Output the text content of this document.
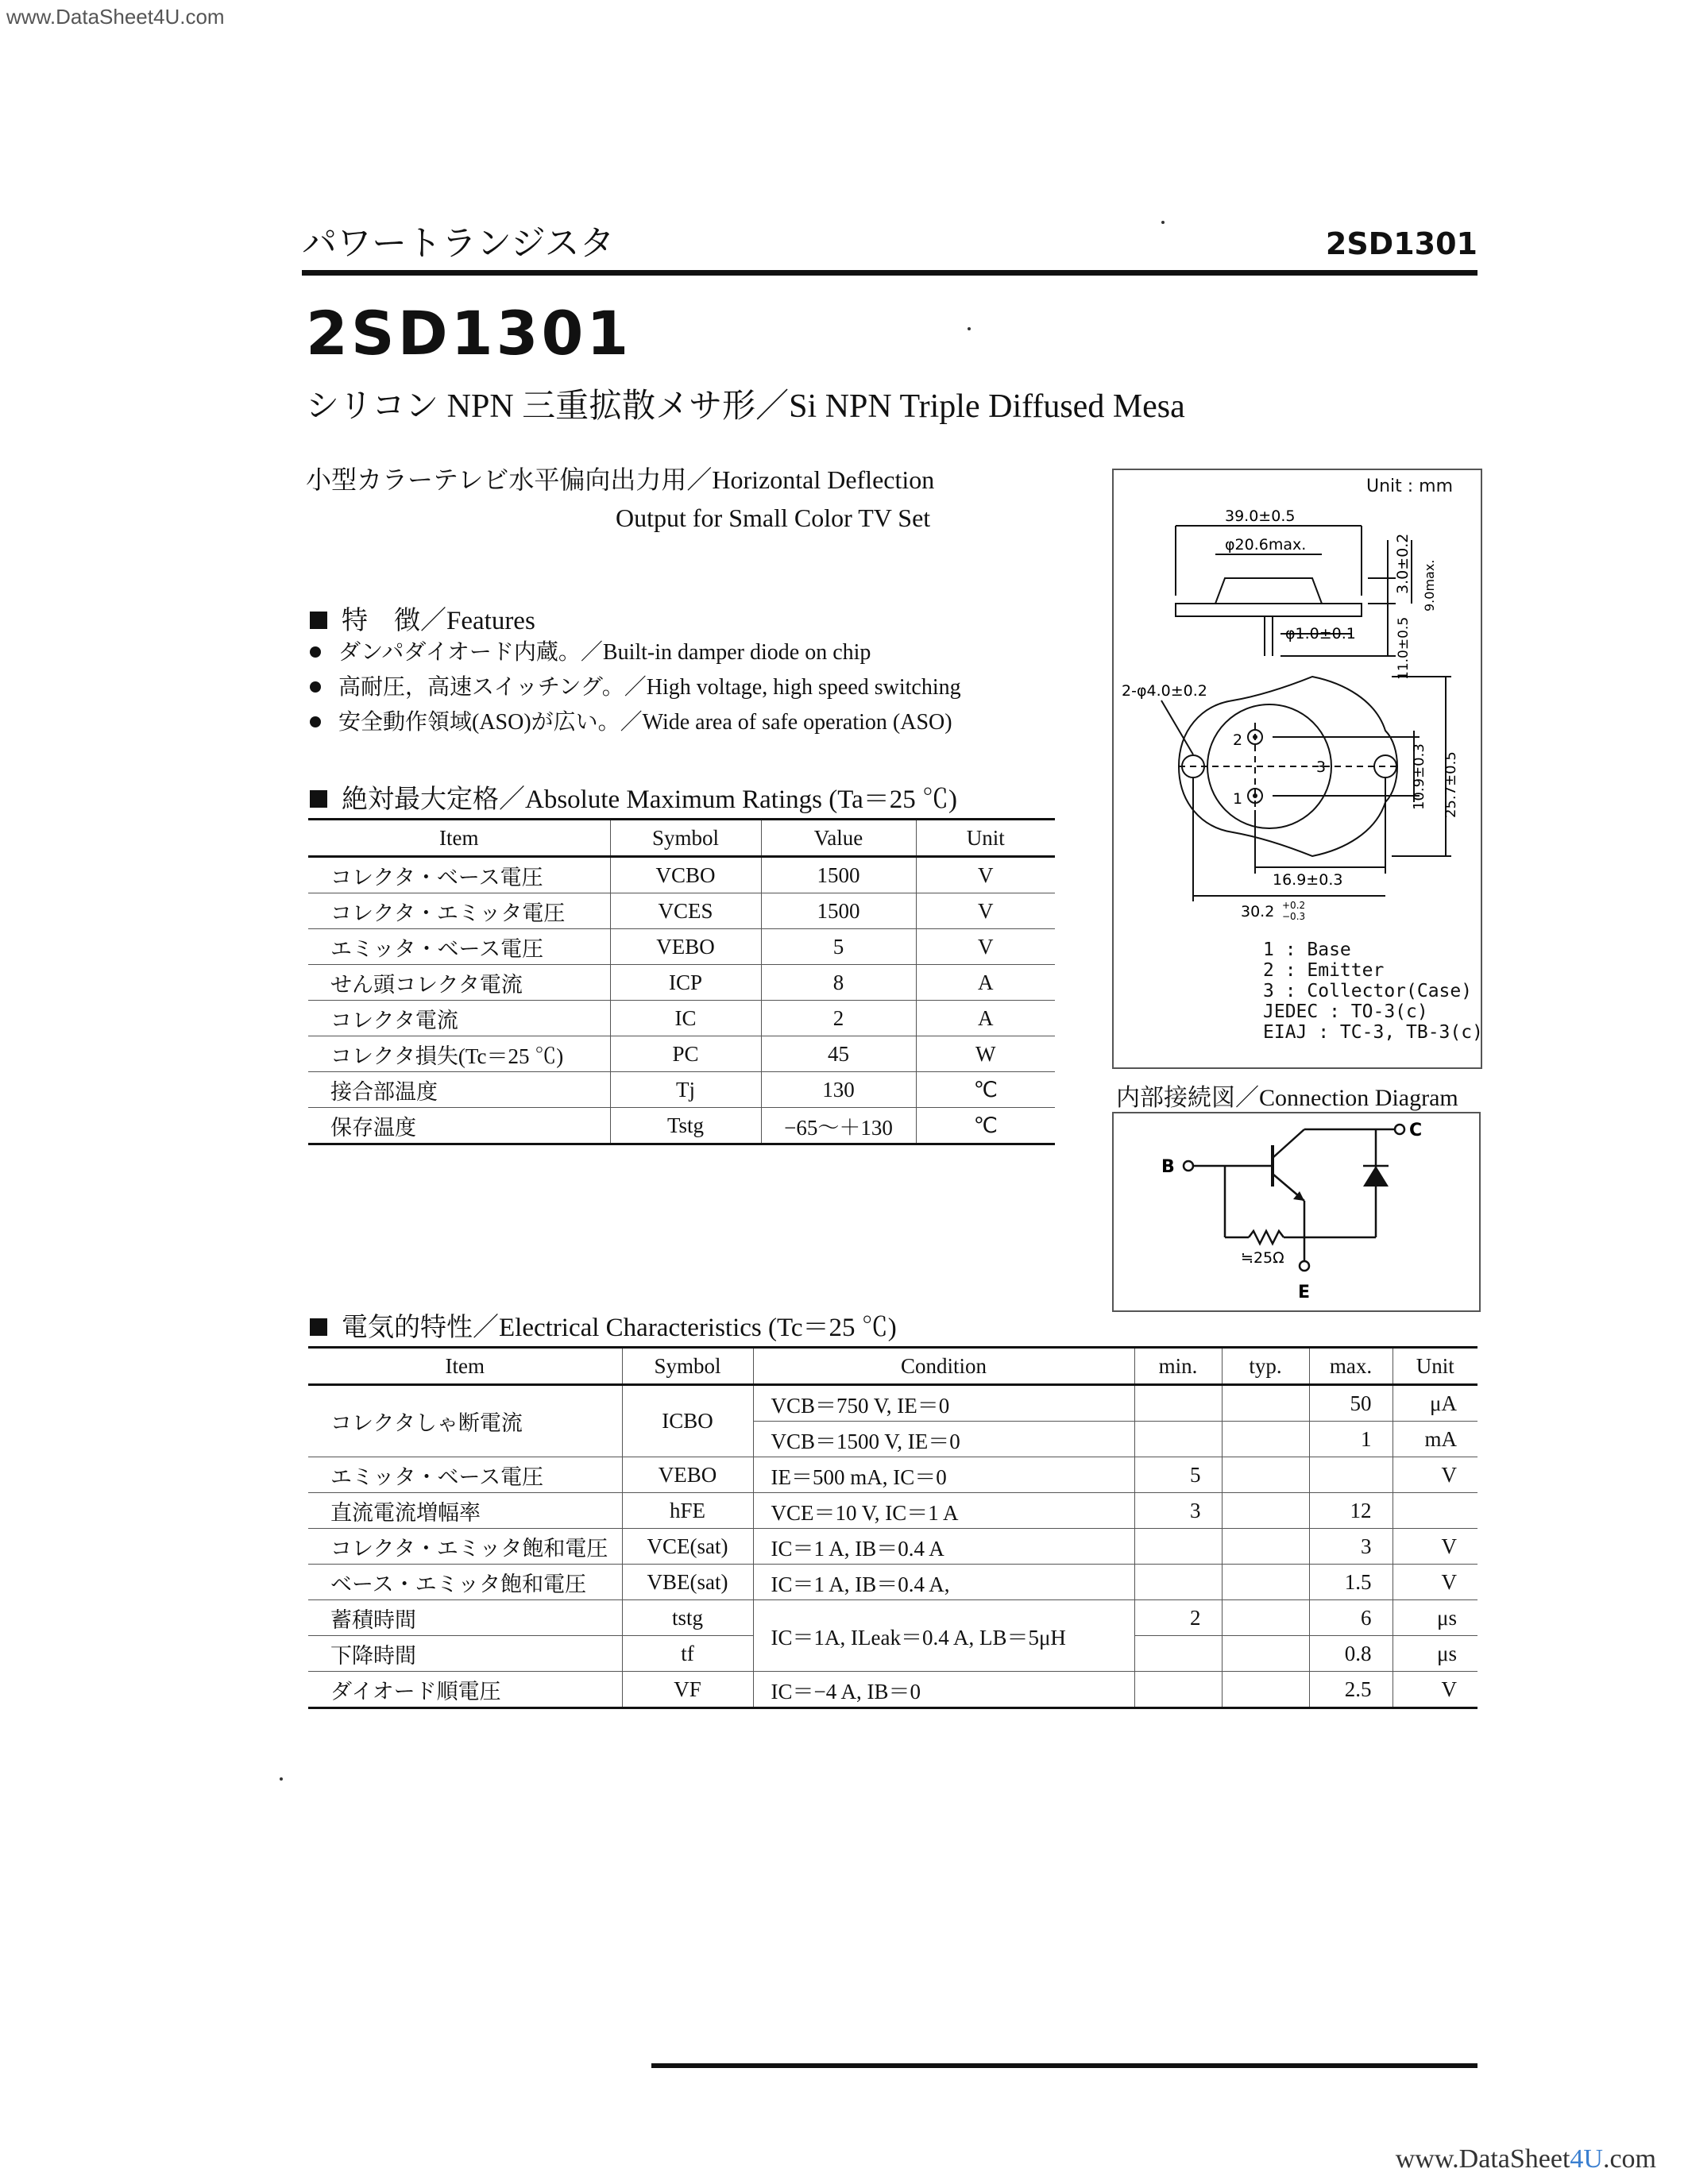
www.DataSheet4U.com
パワートランジスタ	2SD1301
2SD1301
シリコン NPN 三重拡散メサ形／Si NPN Triple Diffused Mesa
小型カラーテレビ水平偏向出力用／Horizontal Deflection
Output for Small Color TV Set
特　徴／Features
ダンパダイオード内蔵。／Built-in damper diode on chip
高耐圧，高速スイッチング。／High voltage, high speed switching
安全動作領域(ASO)が広い。／Wide area of safe operation (ASO)
絶対最大定格／Absolute Maximum Ratings (Ta＝25 ℃)
Item	Symbol	Value	Unit
コレクタ・ベース電圧	VCBO	1500	V
コレクタ・エミッタ電圧	VCES	1500	V
エミッタ・ベース電圧	VEBO	5	V
せん頭コレクタ電流	ICP	8	A
コレクタ電流	IC	2	A
コレクタ損失(Tc＝25 ℃)	PC	45	W
接合部温度	Tj	130	℃
保存温度	Tstg	−65〜＋130	℃
Unit : mm
39.0±0.5
φ20.6max.
φ1.0±0.1
3.0±0.2 9.0max.
11.0±0.5
2-φ4.0±0.2
2
3
1	10.9±0.3 25.7±0.5
16.9±0.3
30.2 +0.2
−0.3
1 : Base
2 : Emitter
3 : Collector(Case)
JEDEC : TO-3(c)
EIAJ : TC-3, TB-3(c)
内部接続図／Connection Diagram
B
C
E
≒25Ω
電気的特性／Electrical Characteristics (Tc＝25 ℃)
Item	Symbol	Condition	min.	typ.	max.	Unit
コレクタしゃ断電流	ICBO	VCB＝750 V, IE＝0			50	μA
		VCB＝1500 V, IE＝0			1	mA
エミッタ・ベース電圧	VEBO	IE＝500 mA, IC＝0	5			V
直流電流増幅率	hFE	VCE＝10 V, IC＝1 A	3		12	
コレクタ・エミッタ飽和電圧	VCE(sat)	IC＝1 A, IB＝0.4 A			3	V
ベース・エミッタ飽和電圧	VBE(sat)	IC＝1 A, IB＝0.4 A,			1.5	V
蓄積時間	tstg	IC＝1A, ILeak＝0.4 A, LB＝5μH	2		6	μs
下降時間	tf				0.8	μs
ダイオード順電圧	VF	IC＝−4 A, IB＝0			2.5	V
www.DataSheet4U.com
